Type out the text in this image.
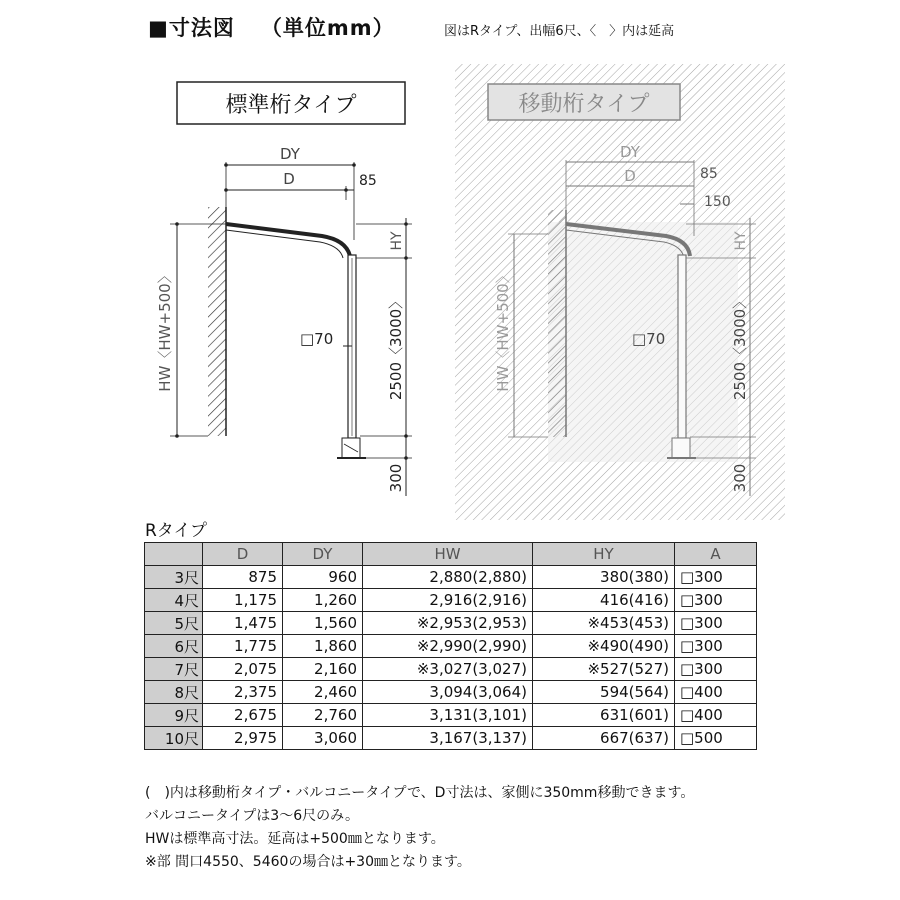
■寸法図 （単位mm）	図はRタイプ、出幅6尺、〈　〉内は延高
標準桁タイプ
DY
D	85
□70
HW〈HW+500〉
HY
2500〈3000〉
300
移動桁タイプ
DY
D	85
150
□70
HW〈HW+500〉
HY
2500〈3000〉
300
Rタイプ
	D	DY	HW	HY	A
3尺	875	960	2,880(2,880)	380(380)	□300
4尺	1,175	1,260	2,916(2,916)	416(416)	□300
5尺	1,475	1,560	※2,953(2,953)	※453(453)	□300
6尺	1,775	1,860	※2,990(2,990)	※490(490)	□300
7尺	2,075	2,160	※3,027(3,027)	※527(527)	□300
8尺	2,375	2,460	3,094(3,064)	594(564)	□400
9尺	2,675	2,760	3,131(3,101)	631(601)	□400
10尺	2,975	3,060	3,167(3,137)	667(637)	□500
(　)内は移動桁タイプ・バルコニータイプで、D寸法は、家側に350mm移動できます。
バルコニータイプは3～6尺のみ。
HWは標準高寸法。延高は+500㎜となります。
※部 間口4550、5460の場合は+30㎜となります。
